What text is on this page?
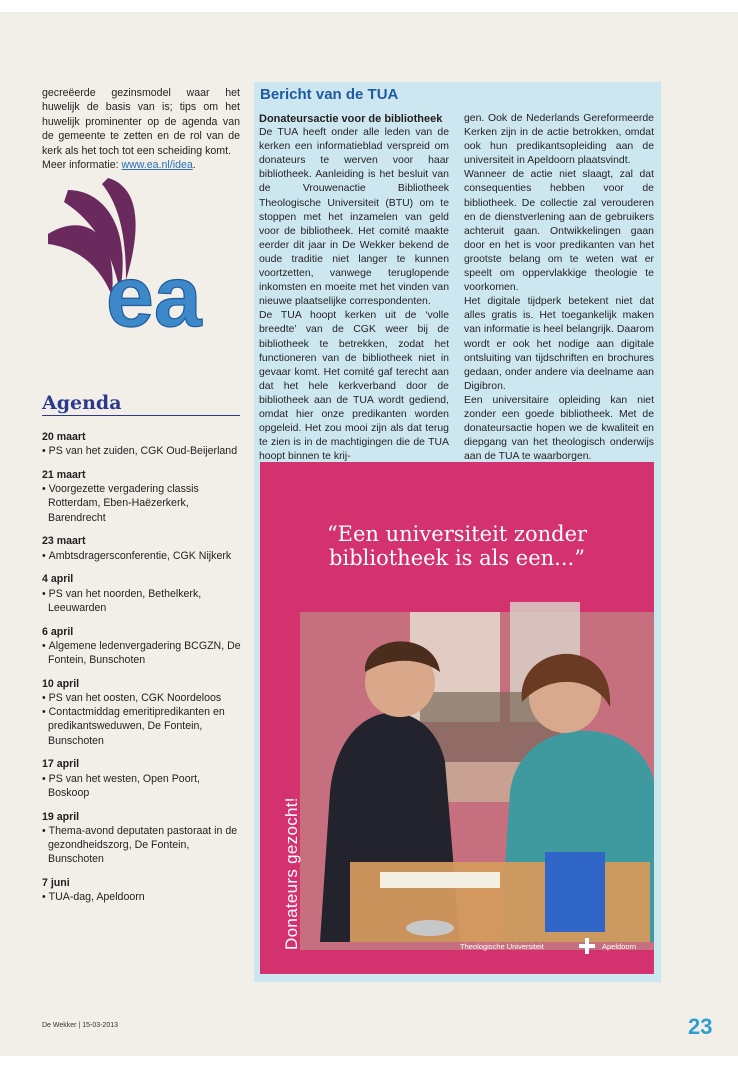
gecreëerde gezinsmodel waar het huwelijk de basis van is; tips om het huwelijk prominenter op de agenda van de gemeente te zetten en de rol van de kerk als het toch tot een scheiding komt.

Meer informatie: www.ea.nl/idea.

ea
Agenda
20 maart
• PS van het zuiden, CGK Oud-Beijerland
21 maart
• Voorgezette vergadering classis Rotterdam, Eben-Haëzerkerk, Barendrecht
23 maart
• Ambtsdragersconferentie, CGK Nijkerk
4 april
• PS van het noorden, Bethelkerk, Leeuwarden
6 april
• Algemene ledenvergadering BCGZN, De Fontein, Bunschoten
10 april
• PS van het oosten, CGK Noordeloos
• Contactmiddag emeritipredikanten en predikantsweduwen, De Fontein, Bunschoten
17 april
• PS van het westen, Open Poort, Boskoop
19 april
• Thema-avond deputaten pastoraat in de gezondheidszorg, De Fontein, Bunschoten
7 juni
• TUA-dag, Apeldoorn
Bericht van de TUA

Donateursactie voor de bibliotheek

De TUA heeft onder alle leden van de kerken een informatieblad verspreid om donateurs te werven voor haar bibliotheek. Aanleiding is het besluit van de Vrouwenactie Bibliotheek Theologische Universiteit (BTU) om te stoppen met het inzamelen van geld voor de bibliotheek. Het comité maakte eerder dit jaar in De Wekker bekend de oude traditie niet langer te kunnen voortzetten, vanwege teruglopende inkomsten en moeite met het vinden van nieuwe plaatselijke correspondenten.

De TUA hoopt kerken uit de ‘volle breedte’ van de CGK weer bij de bibliotheek te betrekken, zodat het functioneren van de bibliotheek niet in gevaar komt. Het comité gaf terecht aan dat het hele kerkverband door de bibliotheek aan de TUA wordt gediend, omdat hier onze predikanten worden opgeleid. Het zou mooi zijn als dat terug te zien is in de machtigingen die de TUA hoopt binnen te krij-

gen. Ook de Nederlands Gereformeerde Kerken zijn in de actie betrokken, omdat ook hun predikantsopleiding aan de universiteit in Apeldoorn plaatsvindt.

Wanneer de actie niet slaagt, zal dat consequenties hebben voor de bibliotheek. De collectie zal verouderen en de dienstverlening aan de gebruikers achteruit gaan. Ontwikkelingen gaan door en het is voor predikanten van het grootste belang om te weten wat er speelt om oppervlakkige theologie te voorkomen.

Het digitale tijdperk betekent niet dat alles gratis is. Het toegankelijk maken van informatie is heel belangrijk. Daarom wordt er ook het nodige aan digitale ontsluiting van tijdschriften en brochures gedaan, onder andere via deelname aan Digibron.

Een universitaire opleiding kan niet zonder een goede bibliotheek. Met de donateursactie hopen we de kwaliteit en diepgang van het theologisch onderwijs aan de TUA te waarborgen.

“Een universiteit zonder
bibliotheek is als een...”
Donateurs gezocht!	Theologische Universiteit	Apeldoorn
De Wekker | 15-03-2013	23
